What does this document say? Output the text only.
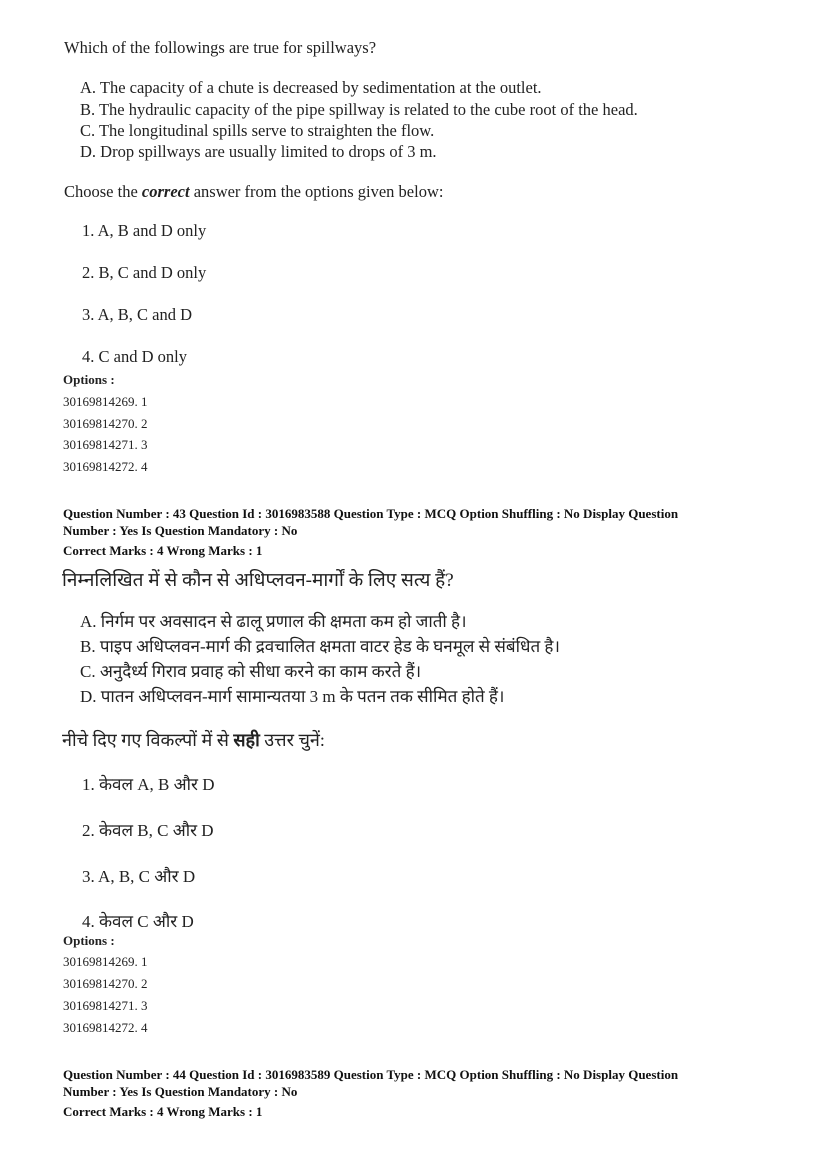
Which of the followings are true for spillways?
A. The capacity of a chute is decreased by sedimentation at the outlet.
B. The hydraulic capacity of the pipe spillway is related to the cube root of the head.
C. The longitudinal spills serve to straighten the flow.
D. Drop spillways are usually limited to drops of 3 m.
Choose the correct answer from the options given below:
1. A, B and D only
2. B, C and D only
3. A, B, C and D
4. C and D only
Options :
30169814269. 1
30169814270. 2
30169814271. 3
30169814272. 4
Question Number : 43 Question Id : 3016983588 Question Type : MCQ Option Shuffling : No Display Question
Number : Yes Is Question Mandatory : No
Correct Marks : 4 Wrong Marks : 1
निम्नलिखित में से कौन से अधिप्लवन-मार्गों के लिए सत्य हैं?
A. निर्गम पर अवसादन से ढालू प्रणाल की क्षमता कम हो जाती है।
B. पाइप अधिप्लवन-मार्ग की द्रवचालित क्षमता वाटर हेड के घनमूल से संबंधित है।
C. अनुदैर्ध्य गिराव प्रवाह को सीधा करने का काम करते हैं।
D. पातन अधिप्लवन-मार्ग सामान्यतया 3 m के पतन तक सीमित होते हैं।
नीचे दिए गए विकल्पों में से सही उत्तर चुनें:
1. केवल A, B और D
2. केवल B, C और D
3. A, B, C और D
4. केवल C और D
Options :
30169814269. 1
30169814270. 2
30169814271. 3
30169814272. 4
Question Number : 44 Question Id : 3016983589 Question Type : MCQ Option Shuffling : No Display Question
Number : Yes Is Question Mandatory : No
Correct Marks : 4 Wrong Marks : 1
